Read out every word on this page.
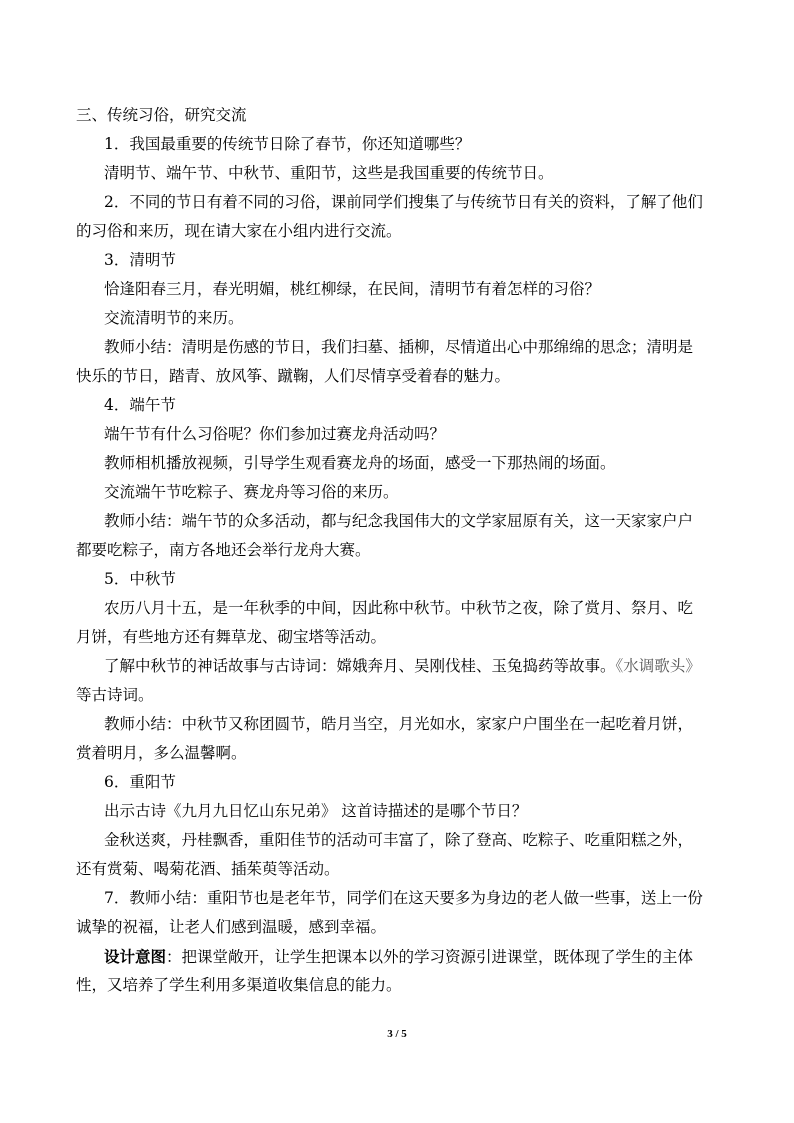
三、传统习俗，研究交流
1．我国最重要的传统节日除了春节，你还知道哪些？
清明节、端午节、中秋节、重阳节，这些是我国重要的传统节日。
2．不同的节日有着不同的习俗，课前同学们搜集了与传统节日有关的资料，了解了他们
的习俗和来历，现在请大家在小组内进行交流。
3．清明节
恰逢阳春三月，春光明媚，桃红柳绿，在民间，清明节有着怎样的习俗？
交流清明节的来历。
教师小结：清明是伤感的节日，我们扫墓、插柳，尽情道出心中那绵绵的思念；清明是
快乐的节日，踏青、放风筝、蹴鞠，人们尽情享受着春的魅力。
4．端午节
端午节有什么习俗呢？你们参加过赛龙舟活动吗？
教师相机播放视频，引导学生观看赛龙舟的场面，感受一下那热闹的场面。
交流端午节吃粽子、赛龙舟等习俗的来历。
教师小结：端午节的众多活动，都与纪念我国伟大的文学家屈原有关，这一天家家户户
都要吃粽子，南方各地还会举行龙舟大赛。
5．中秋节
农历八月十五，是一年秋季的中间，因此称中秋节。中秋节之夜，除了赏月、祭月、吃
月饼，有些地方还有舞草龙、砌宝塔等活动。
了解中秋节的神话故事与古诗词：嫦娥奔月、吴刚伐桂、玉兔捣药等故事。《水调歌头》
等古诗词。
教师小结：中秋节又称团圆节，皓月当空，月光如水，家家户户围坐在一起吃着月饼，
赏着明月，多么温馨啊。
6．重阳节
出示古诗《九月九日忆山东兄弟》 这首诗描述的是哪个节日？
金秋送爽，丹桂飘香，重阳佳节的活动可丰富了，除了登高、吃粽子、吃重阳糕之外，
还有赏菊、喝菊花酒、插茱萸等活动。
7．教师小结：重阳节也是老年节，同学们在这天要多为身边的老人做一些事，送上一份
诚挚的祝福，让老人们感到温暖，感到幸福。
设计意图：把课堂敞开，让学生把课本以外的学习资源引进课堂，既体现了学生的主体
性，又培养了学生利用多渠道收集信息的能力。
3 / 5
